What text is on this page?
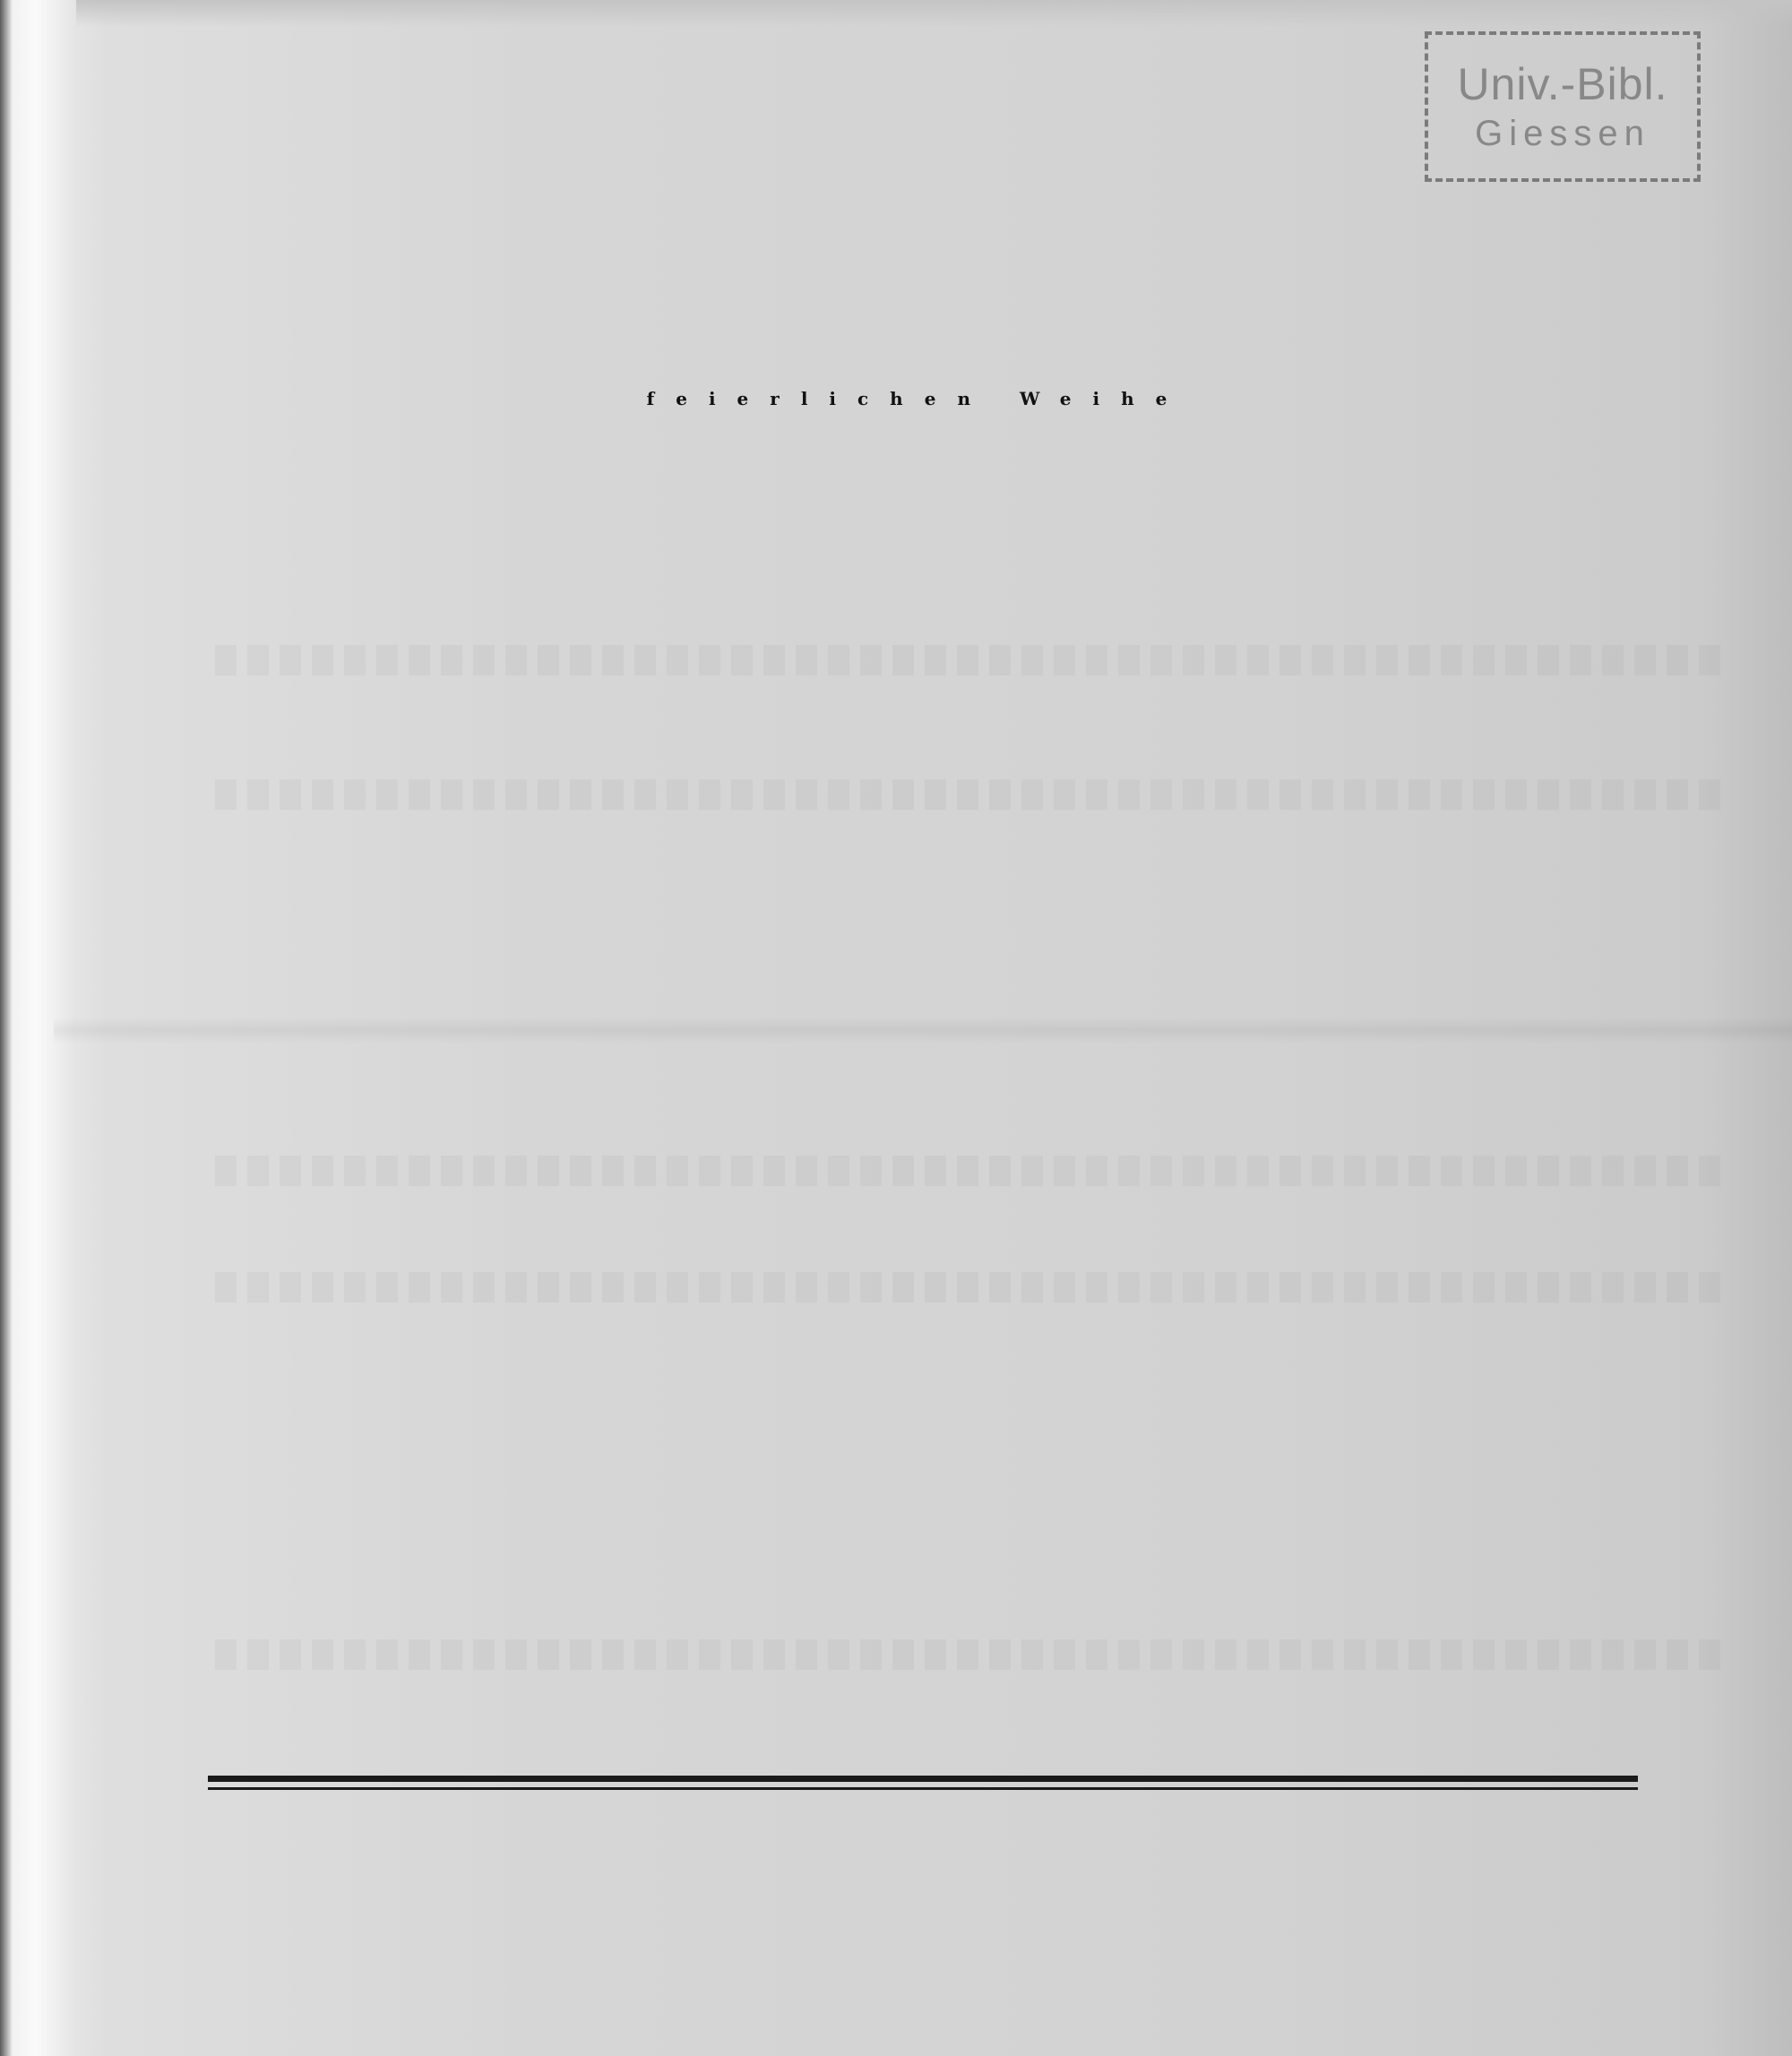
Univ.-Bibl.
Giessen
feierlichen Weihe
